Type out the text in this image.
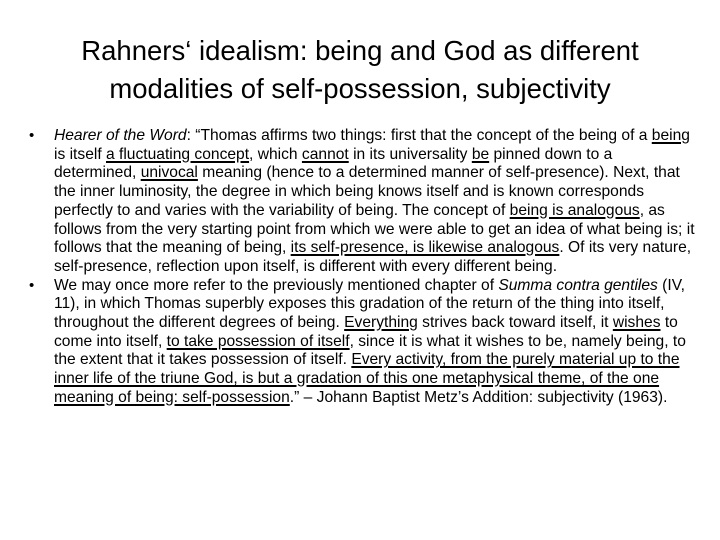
Rahners‘ idealism: being and God as different
modalities of self-possession, subjectivity
• Hearer of the Word: “Thomas affirms two things: first that the concept of the being of a being is itself a fluctuating concept, which cannot in its universality be pinned down to a determined, univocal meaning (hence to a determined manner of self-presence). Next, that the inner luminosity, the degree in which being knows itself and is known corresponds perfectly to and varies with the variability of being. The concept of being is analogous, as follows from the very starting point from which we were able to get an idea of what being is; it follows that the meaning of being, its self-presence, is likewise analogous. Of its very nature, self-presence, reflection upon itself, is different with every different being.
• We may once more refer to the previously mentioned chapter of Summa contra gentiles (IV, 11), in which Thomas superbly exposes this gradation of the return of the thing into itself, throughout the different degrees of being. Everything strives back toward itself, it wishes to come into itself, to take possession of itself, since it is what it wishes to be, namely being, to the extent that it takes possession of itself. Every activity, from the purely material up to the inner life of the triune God, is but a gradation of this one metaphysical theme, of the one meaning of being: self-possession.” – Johann Baptist Metz’s Addition: subjectivity (1963).
